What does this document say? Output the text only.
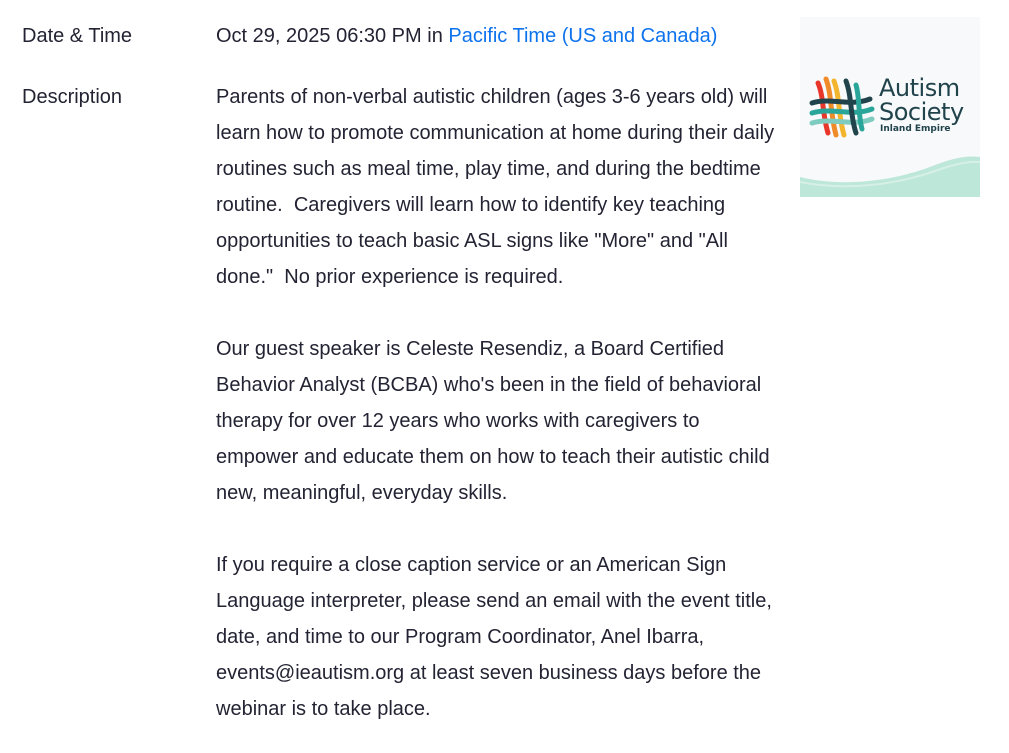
Date & Time	Oct 29, 2025 06:30 PM in Pacific Time (US and Canada)
Description	Parents of non-verbal autistic children (ages 3-6 years old) will learn how to promote communication at home during their daily routines such as meal time, play time, and during the bedtime routine.  Caregivers will learn how to identify key teaching opportunities to teach basic ASL signs like "More" and "All done."  No prior experience is required.

Our guest speaker is Celeste Resendiz, a Board Certified Behavior Analyst (BCBA) who's been in the field of behavioral therapy for over 12 years who works with caregivers to empower and educate them on how to teach their autistic child new, meaningful, everyday skills.

If you require a close caption service or an American Sign Language interpreter, please send an email with the event title, date, and time to our Program Coordinator, Anel Ibarra, events@ieautism.org at least seven business days before the webinar is to take place.

Autism
Society
Inland Empire
